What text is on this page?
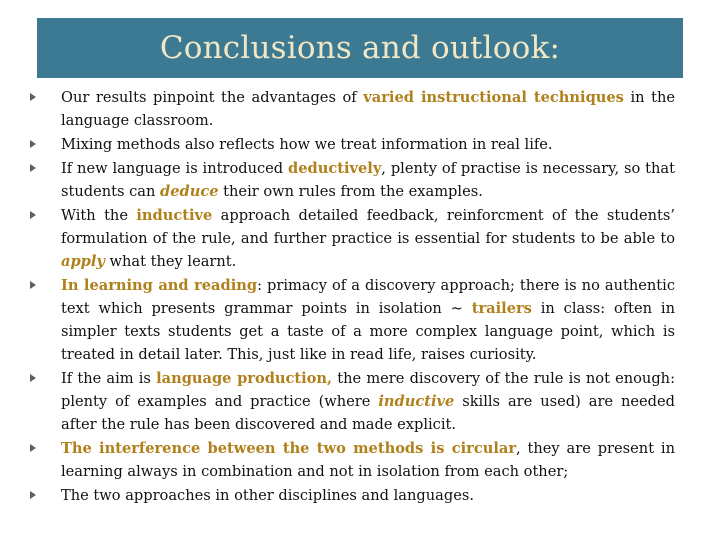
Conclusions and outlook:
Our results pinpoint the advantages of varied instructional techniques in the language classroom.
Mixing methods also reflects how we treat information in real life.
If new language is introduced deductively, plenty of practise is necessary, so that students can deduce their own rules from the examples.
With the inductive approach detailed feedback, reinforcment of the students’ formulation of the rule, and further practice is essential for students to be able to apply what they learnt.
In learning and reading: primacy of a discovery approach; there is no authentic text which presents grammar points in isolation ~ trailers in class: often in simpler texts students get a taste of a more complex language point, which is treated in detail later. This, just like in read life, raises curiosity.
If the aim is language production, the mere discovery of the rule is not enough: plenty of examples and practice (where inductive skills are used) are needed after the rule has been discovered and made explicit.
The interference between the two methods is circular, they are present in learning always in combination and not in isolation from each other;
The two approaches in other disciplines and languages.
